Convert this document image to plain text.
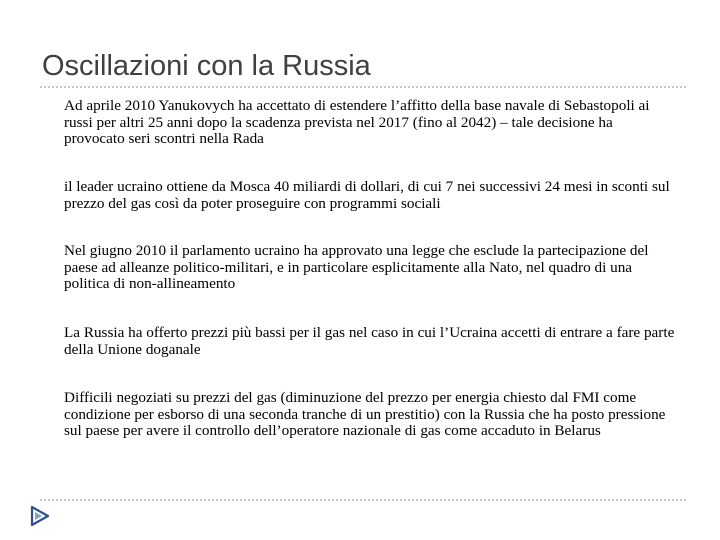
Oscillazioni con la Russia
Ad aprile 2010 Yanukovych ha accettato di estendere l’affitto della base navale di Sebastopoli ai russi per altri 25 anni dopo la scadenza prevista nel 2017 (fino al 2042) – tale decisione ha provocato seri scontri nella Rada
il leader ucraino ottiene da Mosca 40 miliardi di dollari, di cui 7 nei successivi 24 mesi in sconti sul prezzo del gas così da poter proseguire con programmi sociali
Nel giugno 2010 il parlamento ucraino ha approvato una legge che esclude la partecipazione del paese ad alleanze politico-militari, e in particolare esplicitamente alla Nato, nel quadro di una politica di non-allineamento
La Russia ha offerto prezzi più bassi per il gas nel caso in cui l’Ucraina accetti di entrare a fare parte della Unione doganale
Difficili negoziati su prezzi del gas (diminuzione del prezzo per energia chiesto dal FMI come condizione per esborso di una seconda tranche di un prestitio) con la Russia che ha posto pressione sul paese per avere il controllo dell’operatore nazionale di gas come accaduto in Belarus
